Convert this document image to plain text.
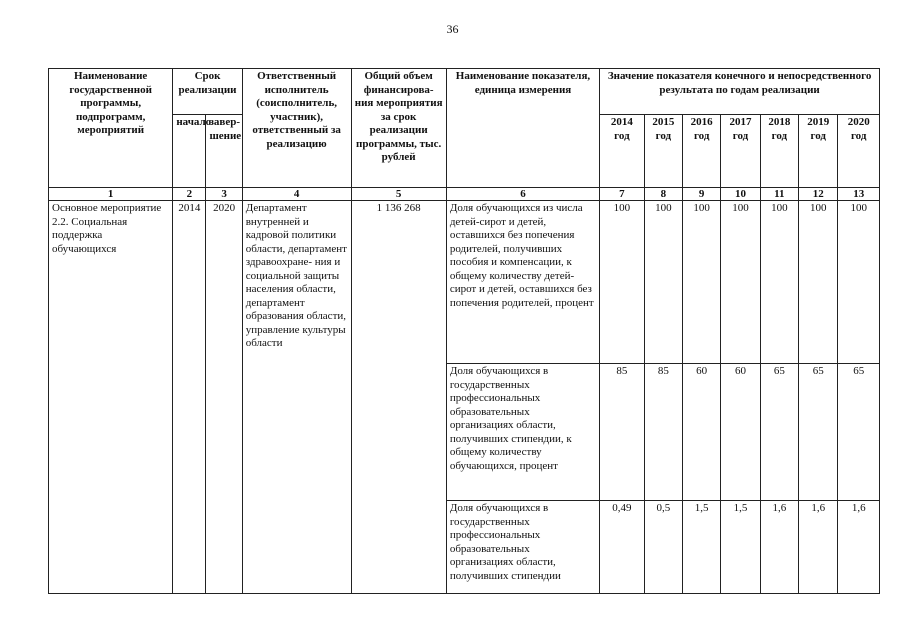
36
Наименование государственной программы, подпрограмм, мероприятий	Срок реализации		Ответственный исполнитель (соисполнитель, участник), ответственный за реализацию	Общий объем финансирова- ния мероприятия за срок реализации программы, тыс. рублей	Наименование показателя, единица измерения	Значение показателя конечного и непосредственного результата по годам реализации						
	начало	завер- шение				2014 год	2015 год	2016 год	2017 год	2018 год	2019 год	2020 год
1	2	3	4	5	6	7	8	9	10	11	12	13
Основное мероприятие 2.2. Социальная поддержка обучающихся	2014	2020	Департамент внутренней и кадровой политики области, департамент здравоохране- ния и социальной защиты населения области, департамент образования области, управление культуры области	1 136 268	Доля обучающихся из числа детей-сирот и детей, оставшихся без попечения родителей, получивших пособия и компенсации, к общему количеству детей-сирот и детей, оставшихся без попечения родителей, процент	100	100	100	100	100	100	100
					Доля обучающихся в государственных профессиональных образовательных организациях области, получивших стипендии, к общему количеству обучающихся, процент	85	85	60	60	65	65	65
					Доля обучающихся в государственных профессиональных образовательных организациях области, получивших стипендии	0,49	0,5	1,5	1,5	1,6	1,6	1,6
